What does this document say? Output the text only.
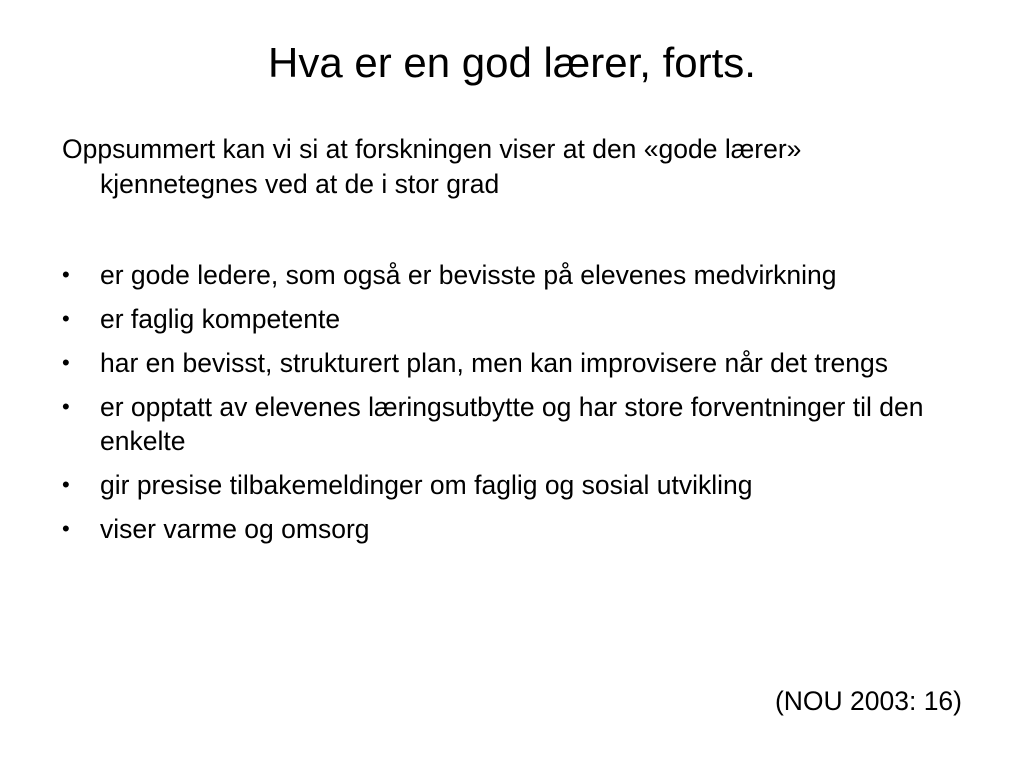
Hva er en god lærer, forts.
Oppsummert kan vi si at forskningen viser at den «gode lærer» kjennetegnes ved at de i stor grad
•	er gode ledere, som også er bevisste på elevenes medvirkning
•	er faglig kompetente
•	har en bevisst, strukturert plan, men kan improvisere når det trengs
•	er opptatt av elevenes læringsutbytte og har store forventninger til den enkelte
•	gir presise tilbakemeldinger om faglig og sosial utvikling
•	viser varme og omsorg
(NOU 2003: 16)
